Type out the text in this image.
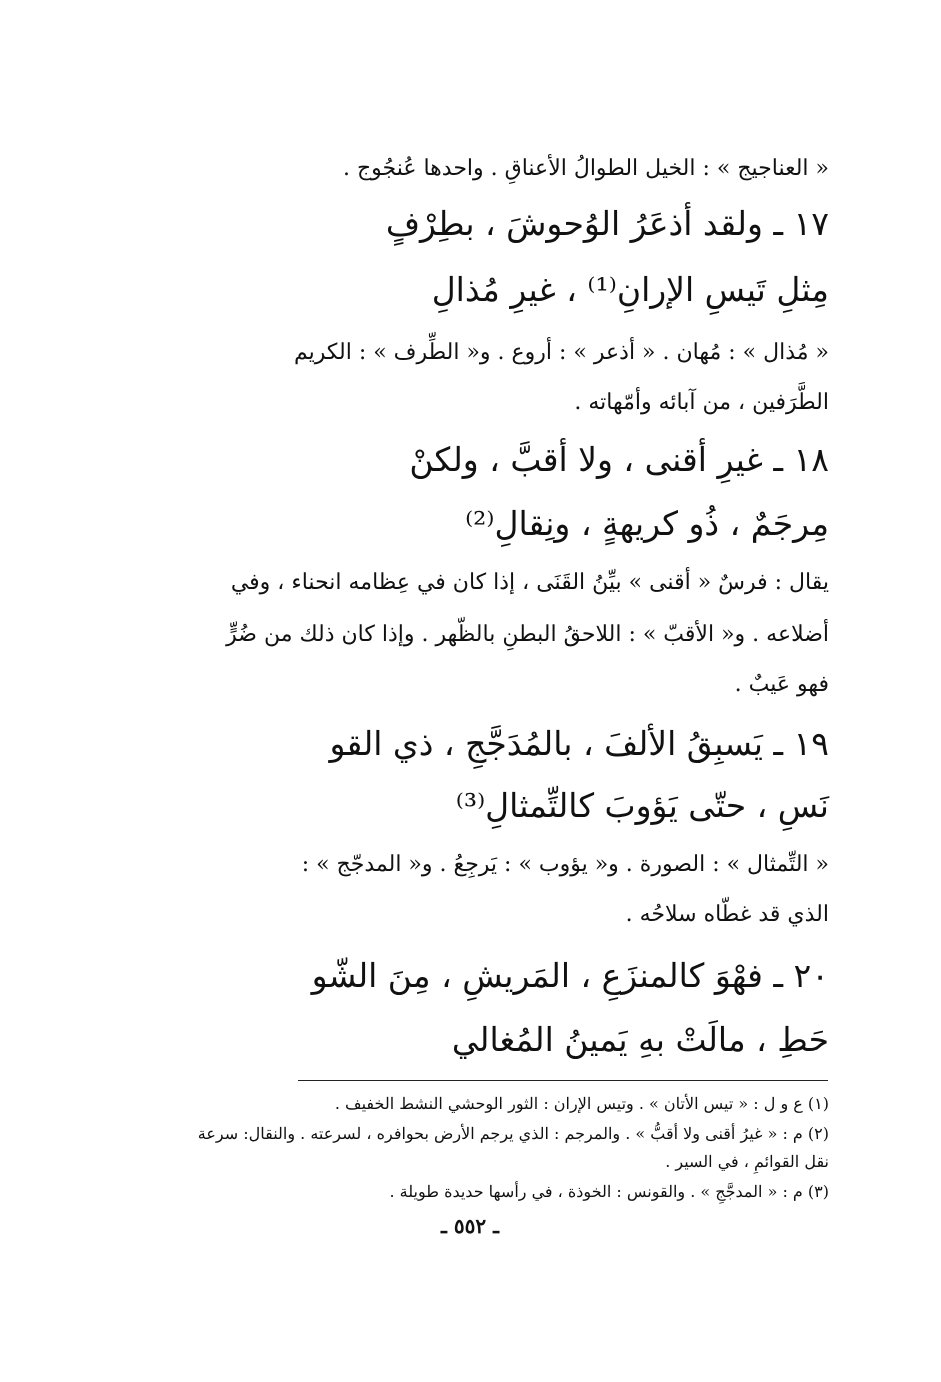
« العناجيج » : الخيل الطوالُ الأعناقِ . واحدها عُنجُوج .
١٧ ـ ولقد أذعَرُ الوُحوشَ ، بطِرْفٍ
مِثلِ تَيسِ الإرانِ⁽¹⁾ ، غيرِ مُذالِ
« مُذال » : مُهان . « أذعر » : أروع . و« الطِّرف » : الكريم
الطَّرَفين ، من آبائه وأمّهاته .
١٨ ـ غيرِ أقنى ، ولا أقبَّ ، ولكنْ
مِرجَمٌ ، ذُو كريهةٍ ، ونِقالِ⁽²⁾
يقال : فرسٌ « أقنى » بيِّنُ القَنَى ، إذا كان في عِظامه انحناء ، وفي
أضلاعه . و« الأقبّ » : اللاحقُ البطنِ بالظّهر . وإذا كان ذلك من ضُرٍّ
فهو عَيبٌ .
١٩ ـ يَسبِقُ الألفَ ، بالمُدَجَّجِ ، ذي القو
نَسِ ، حتّى يَؤوبَ كالتِّمثالِ⁽³⁾
« التِّمثال » : الصورة . و« يؤوب » : يَرجِعُ . و« المدجّج » :
الذي قد غطّاه سلاحُه .
٢٠ ـ فهْوَ كالمنزَعِ ، المَريشِ ، مِنَ الشّو
حَطِ ، مالَتْ بهِ يَمينُ المُغالي
(١) ع و ل : « تيس الأتان » . وتيس الإران : الثور الوحشي النشط الخفيف .
(٢) م : « غيرُ أقنى ولا أقبُّ » . والمرجم : الذي يرجم الأرض بحوافره ، لسرعته . والنقال: سرعة
نقل القوائمِ ، في السير .
(٣) م : « المدجَّجِ » . والقونس : الخوذة ، في رأسها حديدة طويلة .
ـ ٥٥٢ ـ
